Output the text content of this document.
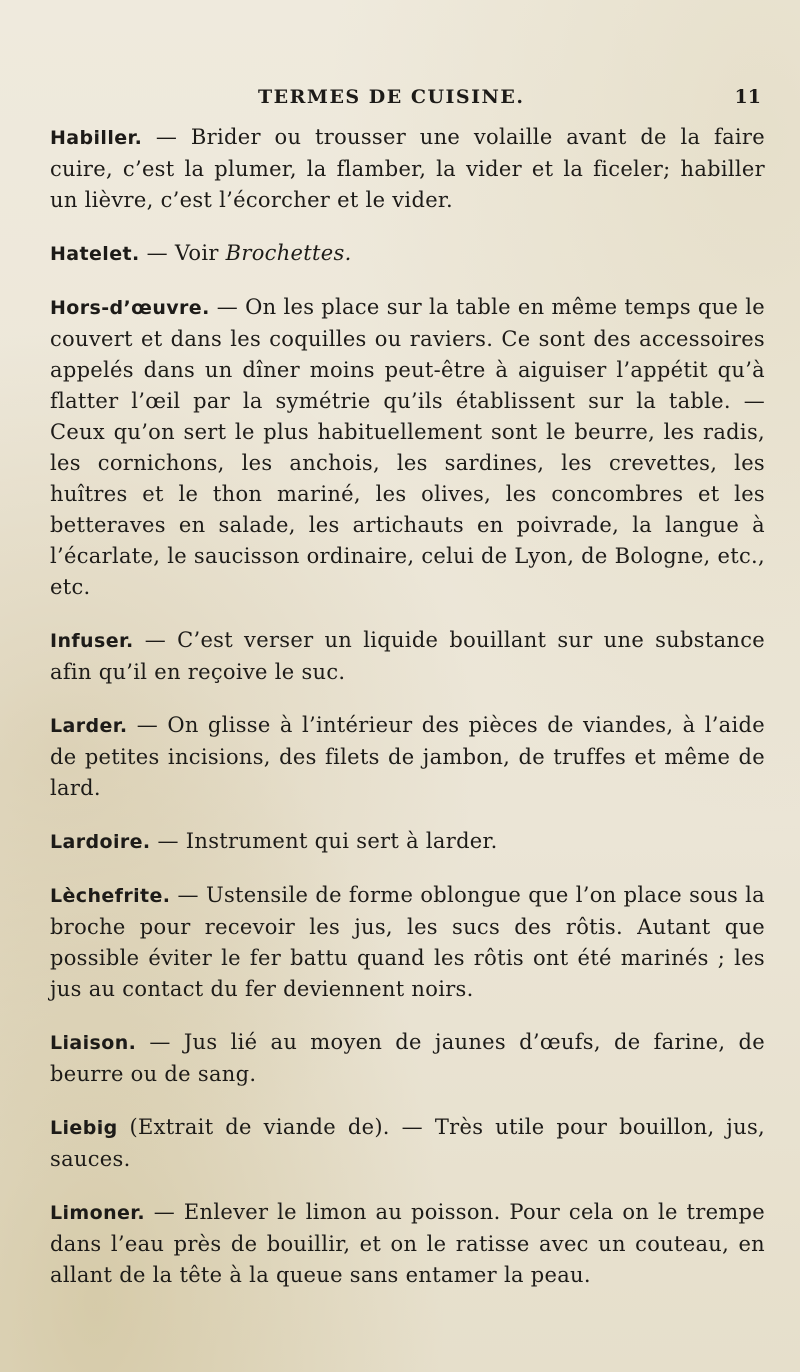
TERMES DE CUISINE.	11

Habiller. — Brider ou trousser une volaille avant de la faire cuire, c’est la plumer, la flamber, la vider et la ficeler; habiller un lièvre, c’est l’écorcher et le vider.

Hatelet. — Voir Brochettes.

Hors-d’œuvre. — On les place sur la table en même temps que le couvert et dans les coquilles ou raviers. Ce sont des accessoires appelés dans un dîner moins peut-être à aiguiser l’appétit qu’à flatter l’œil par la symétrie qu’ils établissent sur la table. — Ceux qu’on sert le plus habituellement sont le beurre, les radis, les cornichons, les anchois, les sardines, les crevettes, les huîtres et le thon mariné, les olives, les concombres et les betteraves en salade, les artichauts en poivrade, la langue à l’écarlate, le saucisson ordinaire, celui de Lyon, de Bologne, etc., etc.

Infuser. — C’est verser un liquide bouillant sur une substance afin qu’il en reçoive le suc.

Larder. — On glisse à l’intérieur des pièces de viandes, à l’aide de petites incisions, des filets de jambon, de truffes et même de lard.

Lardoire. — Instrument qui sert à larder.

Lèchefrite. — Ustensile de forme oblongue que l’on place sous la broche pour recevoir les jus, les sucs des rôtis. Autant que possible éviter le fer battu quand les rôtis ont été marinés ; les jus au contact du fer deviennent noirs.

Liaison. — Jus lié au moyen de jaunes d’œufs, de farine, de beurre ou de sang.

Liebig (Extrait de viande de). — Très utile pour bouillon, jus, sauces.

Limoner. — Enlever le limon au poisson. Pour cela on le trempe dans l’eau près de bouillir, et on le ratisse avec un couteau, en allant de la tête à la queue sans entamer la peau.
